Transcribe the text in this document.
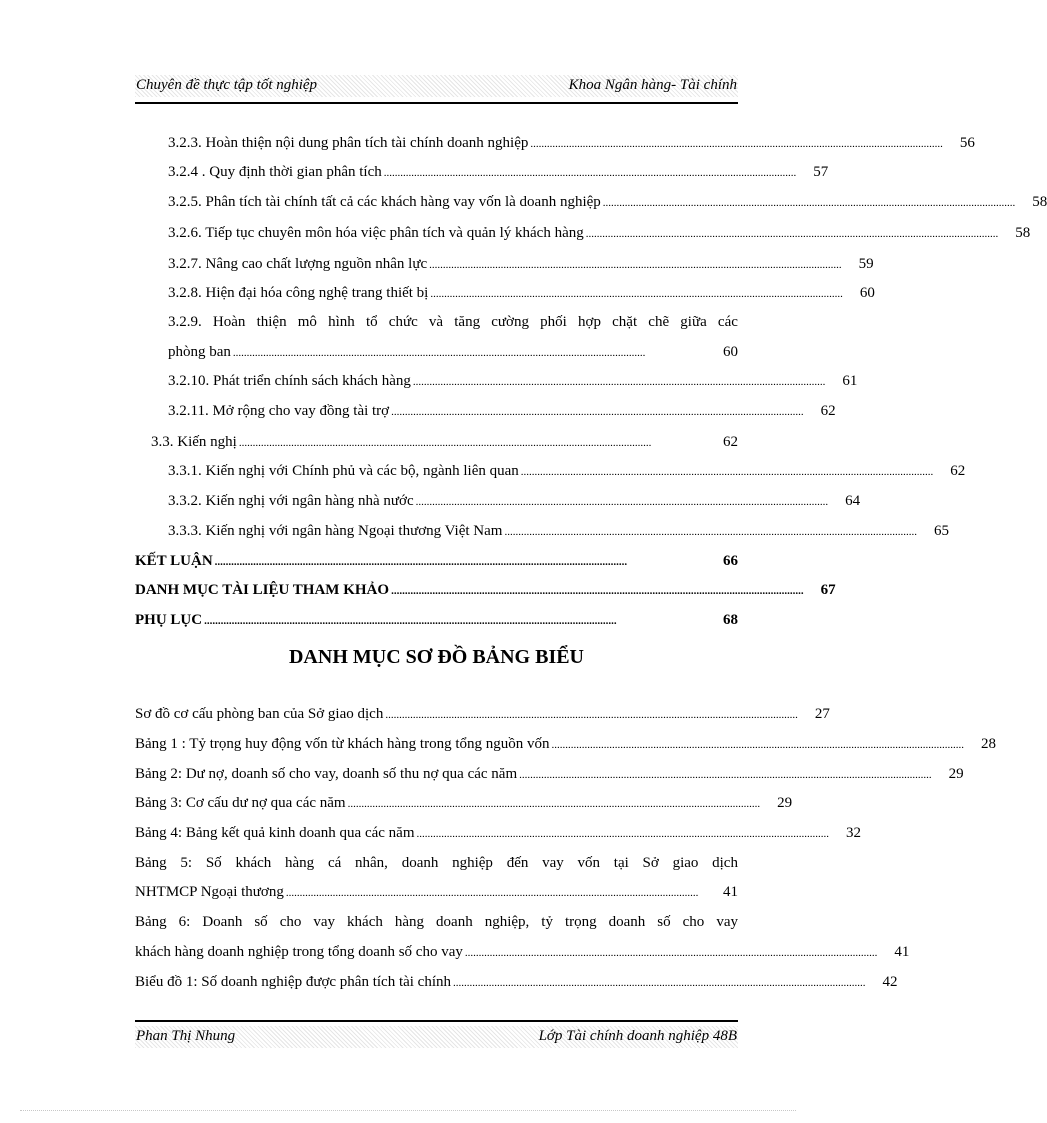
Chuyên đề thực tập tốt nghiệp	Khoa Ngân hàng- Tài chính
3.2.3. Hoàn thiện nội dung phân tích tài chính doanh nghiệp ......................................................................................................................................................	56
3.2.4 . Quy định thời gian phân tích ......................................................................................................................................................	57
3.2.5. Phân tích tài chính tất cả các khách hàng vay vốn là doanh nghiệp ......................................................................................................................................................	58
3.2.6. Tiếp tục chuyên môn hóa việc phân tích và quản lý khách hàng ......................................................................................................................................................	58
3.2.7. Nâng cao chất lượng nguồn nhân lực ......................................................................................................................................................	59
3.2.8. Hiện đại hóa công nghệ trang thiết bị ......................................................................................................................................................	60
3.2.9. Hoàn thiện mô hình tổ chức và tăng cường phối hợp chặt chẽ giữa các
phòng ban ......................................................................................................................................................	60
3.2.10. Phát triển chính sách khách hàng ......................................................................................................................................................	61
3.2.11. Mở rộng cho vay đồng tài trợ ......................................................................................................................................................	62
3.3. Kiến nghị ......................................................................................................................................................	62
3.3.1. Kiến nghị với Chính phủ và các bộ, ngành liên quan ......................................................................................................................................................	62
3.3.2. Kiến nghị với ngân hàng nhà nước ......................................................................................................................................................	64
3.3.3. Kiến nghị với ngân hàng Ngoại thương Việt Nam ......................................................................................................................................................	65
KẾT LUẬN ......................................................................................................................................................	66
DANH MỤC TÀI LIỆU THAM KHẢO ......................................................................................................................................................	67
PHỤ LỤC ......................................................................................................................................................	68
DANH MỤC SƠ ĐỒ BẢNG BIỂU
Sơ đồ cơ cấu phòng ban của Sở giao dịch ......................................................................................................................................................	27
Bảng 1 : Tỷ trọng huy động vốn từ khách hàng trong tổng nguồn vốn ......................................................................................................................................................	28
Bảng 2: Dư nợ, doanh số cho vay, doanh số thu nợ qua các năm ......................................................................................................................................................	29
Bảng 3: Cơ cấu dư nợ qua các năm ......................................................................................................................................................	29
Bảng 4: Bảng kết quả kinh doanh qua các năm ......................................................................................................................................................	32
Bảng 5: Số khách hàng cá nhân, doanh nghiệp đến vay vốn tại Sở giao dịch
NHTMCP Ngoại thương ......................................................................................................................................................	41
Bảng 6: Doanh số cho vay khách hàng doanh nghiệp, tỷ trọng doanh số cho vay
khách hàng doanh nghiệp trong tổng doanh số cho vay ......................................................................................................................................................	41
Biểu đồ 1: Số doanh nghiệp được phân tích tài chính ......................................................................................................................................................	42
Phan Thị Nhung	Lớp Tài chính doanh nghiệp 48B
